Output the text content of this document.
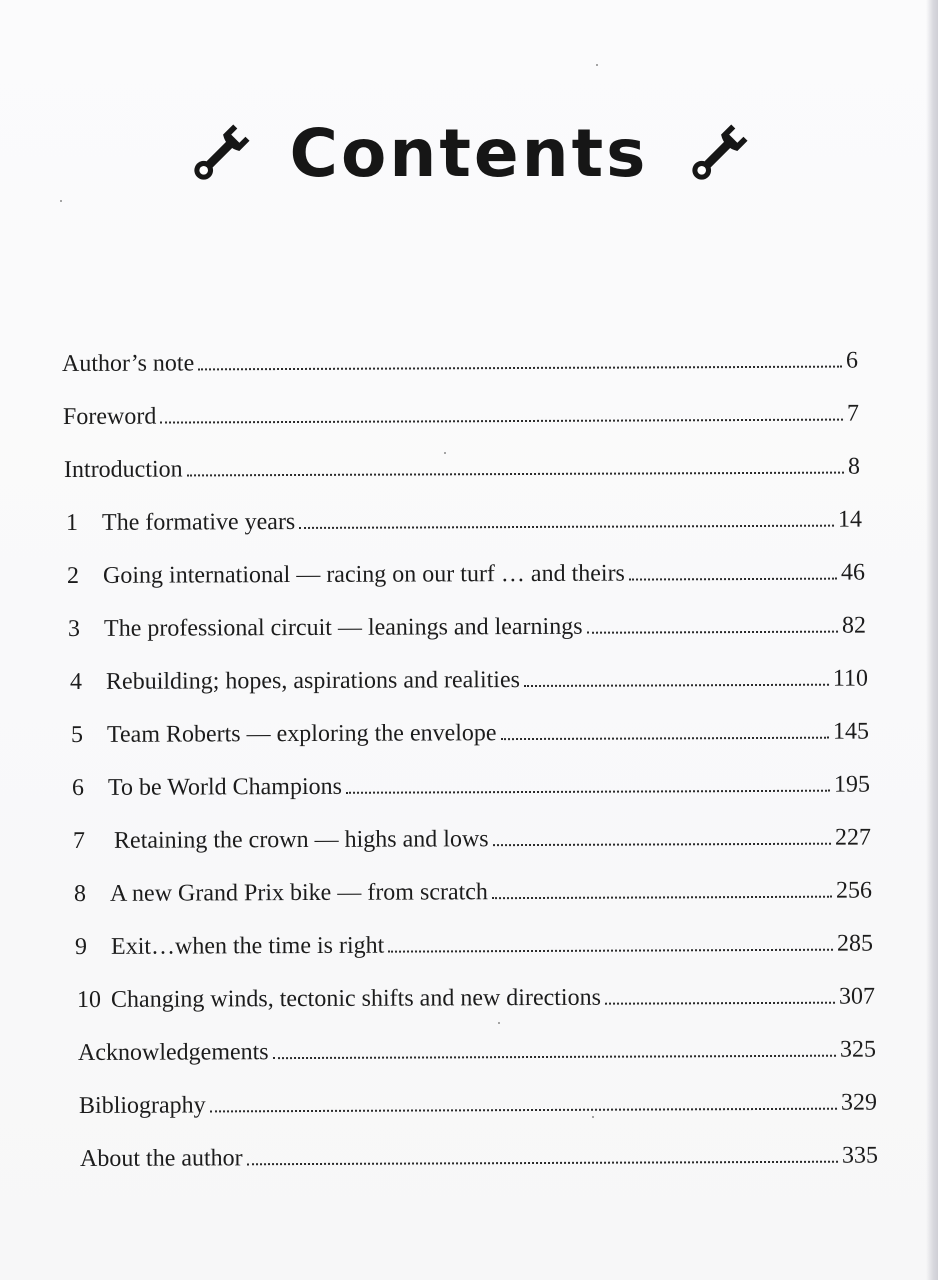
Contents
Author’s note	6
Foreword	7
Introduction	8
1 The formative years	14
2 Going international — racing on our turf … and theirs	46
3 The professional circuit — leanings and learnings	82
4 Rebuilding; hopes, aspirations and realities	110
5 Team Roberts — exploring the envelope	145
6 To be World Champions	195
7	Retaining the crown — highs and lows	227
8 A new Grand Prix bike — from scratch	256
9 Exit…when the time is right	285
10 Changing winds, tectonic shifts and new directions	307
Acknowledgements	325
Bibliography	329
About the author	335
